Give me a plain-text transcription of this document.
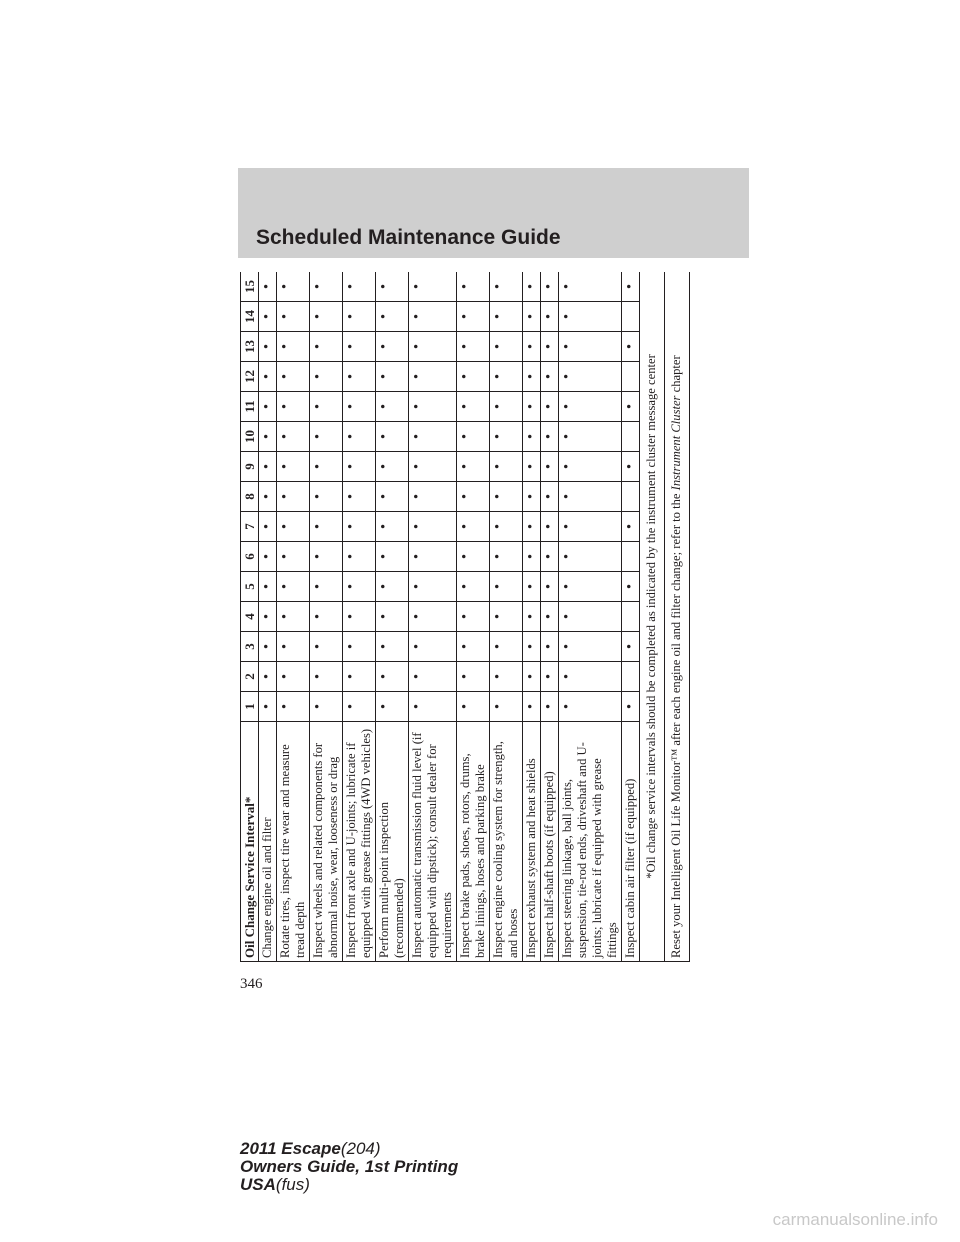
Scheduled Maintenance Guide
Oil Change Service Interval*	1	2	3	4	5	6	7	8	9	10	11	12	13	14	15
Change engine oil and filter	•	•	•	•	•	•	•	•	•	•	•	•	•	•	•
Rotate tires, inspect tire wear and measure tread depth	•	•	•	•	•	•	•	•	•	•	•	•	•	•	•
Inspect wheels and related components for abnormal noise, wear, looseness or drag	•	•	•	•	•	•	•	•	•	•	•	•	•	•	•
Inspect front axle and U-joints; lubricate if equipped with grease fittings (4WD vehicles)	•	•	•	•	•	•	•	•	•	•	•	•	•	•	•
Perform multi-point inspection (recommended)	•	•	•	•	•	•	•	•	•	•	•	•	•	•	•
Inspect automatic transmission fluid level (if equipped with dipstick); consult dealer for requirements	•	•	•	•	•	•	•	•	•	•	•	•	•	•	•
Inspect brake pads, shoes, rotors, drums, brake linings, hoses and parking brake	•	•	•	•	•	•	•	•	•	•	•	•	•	•	•
Inspect engine cooling system for strength, and hoses	•	•	•	•	•	•	•	•	•	•	•	•	•	•	•
Inspect exhaust system and heat shields	•	•	•	•	•	•	•	•	•	•	•	•	•	•	•
Inspect half-shaft boots (if equipped)	•	•	•	•	•	•	•	•	•	•	•	•	•	•	•
Inspect steering linkage, ball joints, suspension, tie-rod ends, driveshaft and U-joints; lubricate if equipped with grease fittings	•	•	•	•	•	•	•	•	•	•	•	•	•	•	•
Inspect cabin air filter (if equipped)	•		•		•		•		•		•		•		•
*Oil change service intervals should be completed as indicated by the instrument cluster message center															
Reset your Intelligent Oil Life Monitor™ after each engine oil and filter change; refer to the Instrument Cluster chapter															
346
2011 Escape(204)
Owners Guide, 1st Printing
USA(fus)
carmanualsonline.info
